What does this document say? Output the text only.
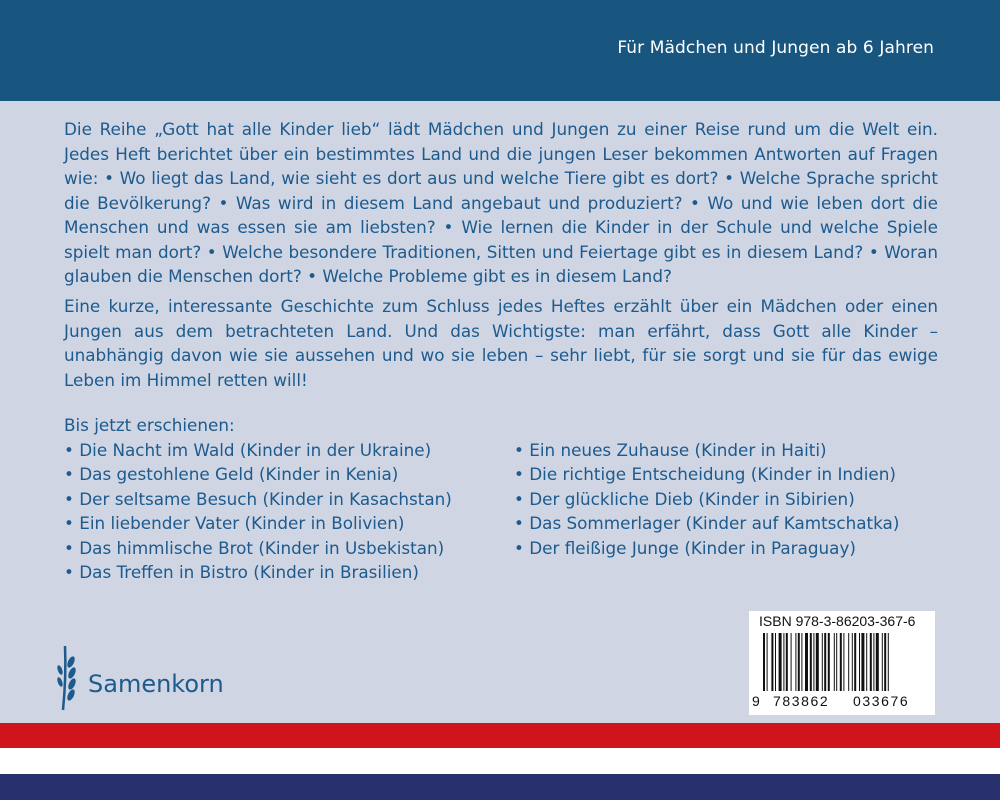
Für Mädchen und Jungen ab 6 Jahren
Die Reihe „Gott hat alle Kinder lieb“ lädt Mädchen und Jungen zu einer Reise rund um die Welt ein. Jedes Heft berichtet über ein bestimmtes Land und die jungen Leser bekommen Antworten auf Fragen wie: • Wo liegt das Land, wie sieht es dort aus und welche Tiere gibt es dort? • Welche Sprache spricht die Bevölkerung? • Was wird in diesem Land angebaut und produziert? • Wo und wie leben dort die Menschen und was essen sie am liebsten? • Wie lernen die Kinder in der Schule und welche Spiele spielt man dort? • Welche besondere Traditionen, Sitten und Feiertage gibt es in diesem Land? • Woran glauben die Menschen dort? • Welche Probleme gibt es in diesem Land?
Eine kurze, interessante Geschichte zum Schluss jedes Heftes erzählt über ein Mädchen oder einen Jungen aus dem betrachteten Land. Und das Wichtigste: man erfährt, dass Gott alle Kinder – unabhängig davon wie sie aussehen und wo sie leben – sehr liebt, für sie sorgt und sie für das ewige Leben im Himmel retten will!
Bis jetzt erschienen:
• Die Nacht im Wald (Kinder in der Ukraine)
• Das gestohlene Geld (Kinder in Kenia)
• Der seltsame Besuch (Kinder in Kasachstan)
• Ein liebender Vater (Kinder in Bolivien)
• Das himmlische Brot (Kinder in Usbekistan)
• Das Treffen in Bistro (Kinder in Brasilien)
• Ein neues Zuhause (Kinder in Haiti)
• Die richtige Entscheidung (Kinder in Indien)
• Der glückliche Dieb (Kinder in Sibirien)
• Das Sommerlager (Kinder auf Kamtschatka)
• Der fleißige Junge (Kinder in Paraguay)
Samenkorn
ISBN 978-3-86203-367-6
9 783862 033676
